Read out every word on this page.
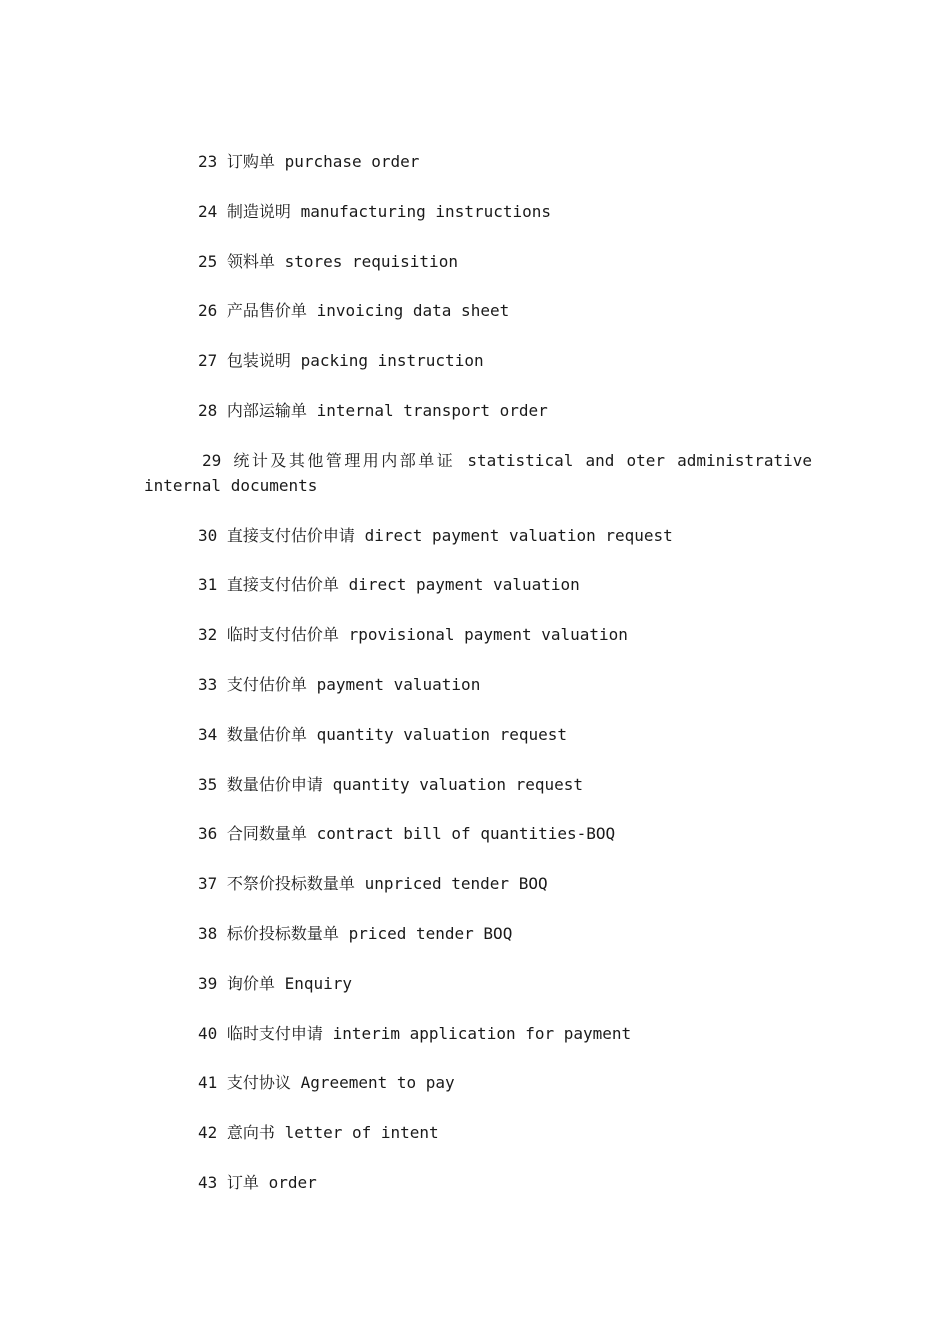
23 订购单 purchase order
24 制造说明 manufacturing instructions
25 领料单 stores requisition
26 产品售价单 invoicing data sheet
27 包装说明 packing instruction
28 内部运输单 internal transport order
29 统计及其他管理用内部单证 statistical and oter administrative internal documents
30 直接支付估价申请 direct payment valuation request
31 直接支付估价单 direct payment valuation
32 临时支付估价单 rpovisional payment valuation
33 支付估价单 payment valuation
34 数量估价单 quantity valuation request
35 数量估价申请 quantity valuation request
36 合同数量单 contract bill of quantities-BOQ
37 不祭价投标数量单 unpriced tender BOQ
38 标价投标数量单 priced tender BOQ
39 询价单 Enquiry
40 临时支付申请 interim application for payment
41 支付协议 Agreement to pay
42 意向书 letter of intent
43 订单 order
